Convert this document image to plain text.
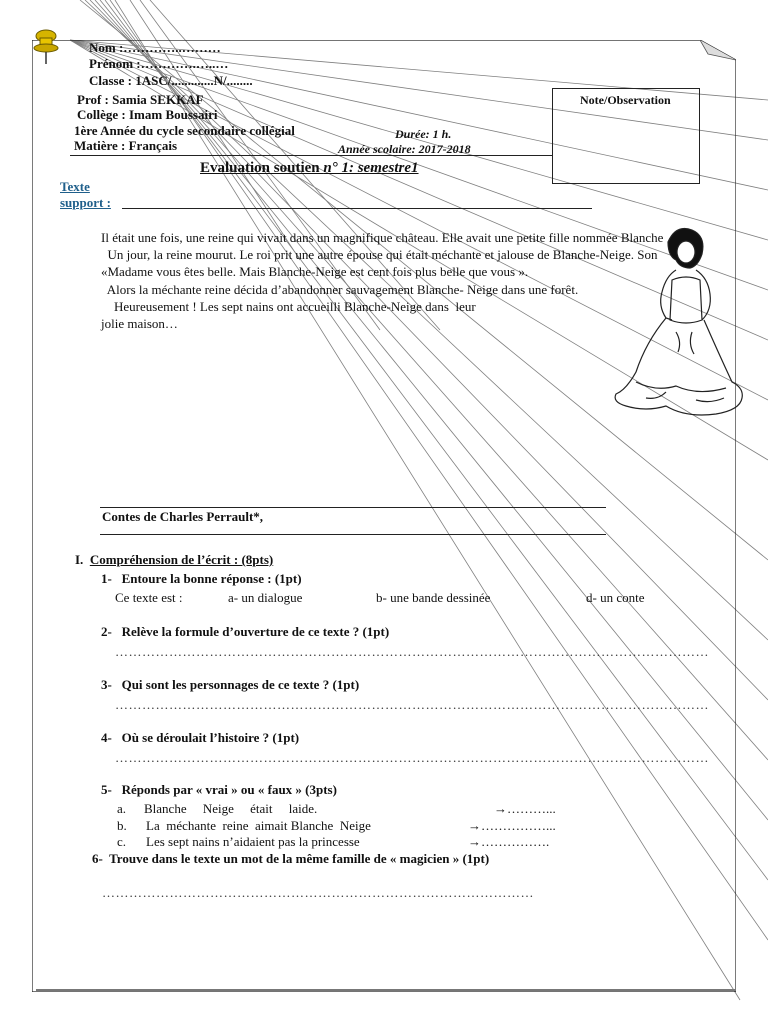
Nom :…………..………
Prénom :………….…..…
Classe : 1ASC/.............N/........
Prof : Samia SEKKAF
Collège : Imam Boussairi
1ère Année du cycle secondaire collégial
Matière : Français
Durée: 1 h.
Année scolaire: 2017-2018
Note/Observation
Evaluation soutien n° 1: semestre1
Texte
support :
Il était une fois, une reine qui vivait dans un magnifique château. Elle avait une petite fille nommée Blanche
Un jour, la reine mourut. Le roi prit une autre épouse qui était méchante et jalouse de Blanche-Neige. Son
«Madame vous êtes belle. Mais Blanche-Neige est cent fois plus belle que vous ».
Alors la méchante reine décida d’abandonner sauvagement Blanche- Neige dans une forêt.
Heureusement ! Les sept nains ont accueilli Blanche-Neige dans  leur
jolie maison…
Contes de Charles Perrault*,
I. Compréhension de l’écrit : (8pts)
1-   Entoure la bonne réponse : (1pt)
Ce texte est :	a- un dialogue	b- une bande dessinée	d- un conte
2-   Relève la formule d’ouverture de ce texte ? (1pt)
……………………………………………………………………………………………………………………
3-   Qui sont les personnages de ce texte ? (1pt)
……………………………………………………………………………………………………………………
4-   Où se déroulait l’histoire ? (1pt)
……………………………………………………………………………………………………………………
5-   Réponds par « vrai » ou « faux » (3pts)
a. Blanche     Neige     était     laide.	→………...
b. La  méchante  reine  aimait Blanche  Neige	→……………...
c. Les sept nains n’aidaient pas la princesse	→…………….
6-  Trouve dans le texte un mot de la même famille de « magicien » (1pt)
……………………………………………………………………………………
